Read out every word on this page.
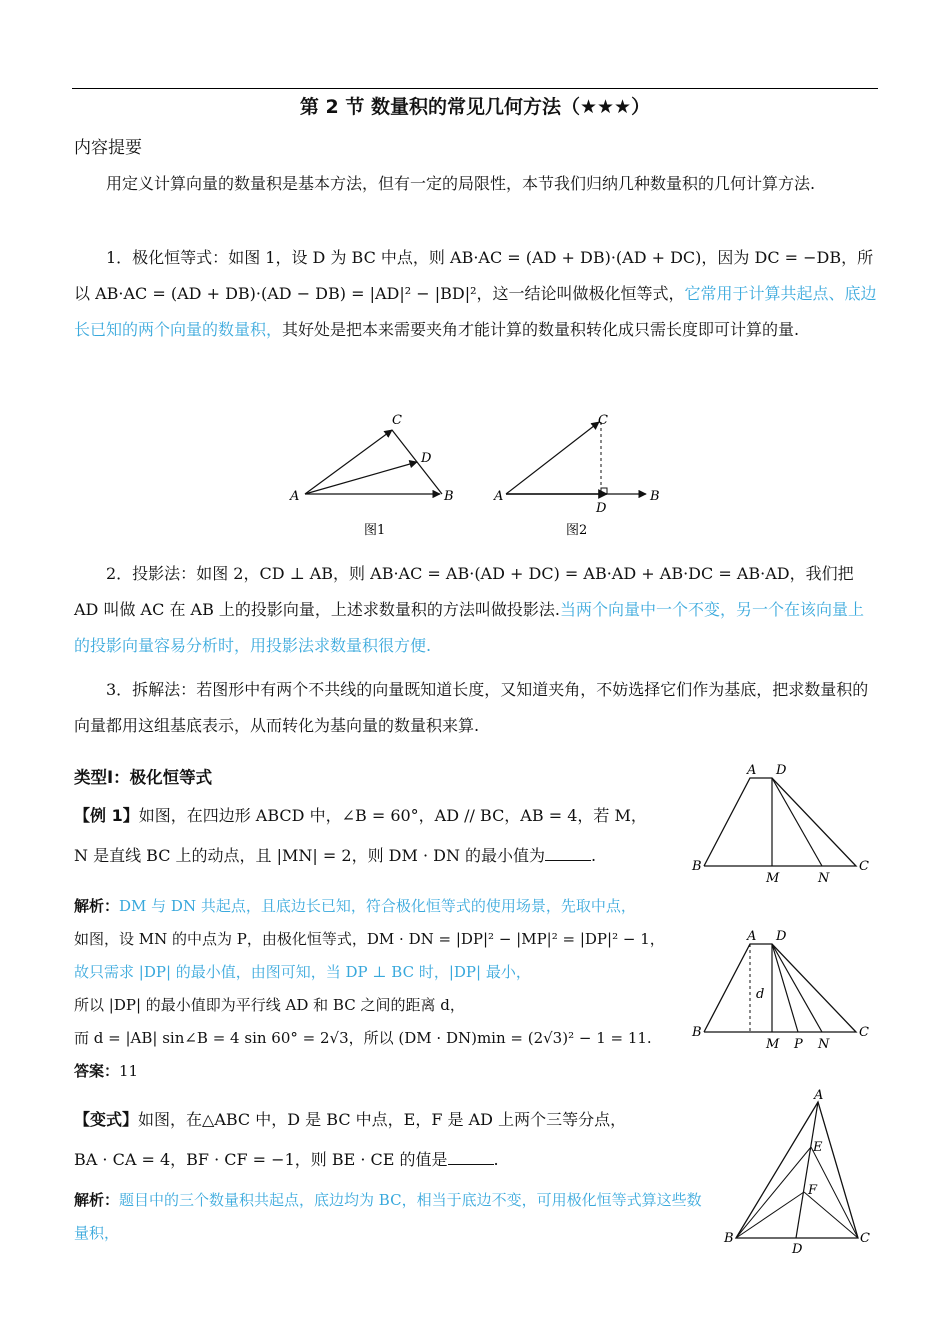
第 2 节 数量积的常见几何方法（★★★）
内容提要

用定义计算向量的数量积是基本方法，但有一定的局限性，本节我们归纳几种数量积的几何计算方法.

1．极化恒等式：如图 1，设 D 为 BC 中点，则 AB·AC = (AD + DB)·(AD + DC)，因为 DC = −DB，所以 AB·AC = (AD + DB)·(AD − DB) = |AD|² − |BD|²，这一结论叫做极化恒等式，它常用于计算共起点、底边长已知的两个向量的数量积，其好处是把本来需要夹角才能计算的数量积转化成只需长度即可计算的量.

A	B
C
D
图1
A	B
C
D
图2

2．投影法：如图 2，CD ⊥ AB，则 AB·AC = AB·(AD + DC) = AB·AD + AB·DC = AB·AD，我们把 AD 叫做 AC 在 AB 上的投影向量，上述求数量积的方法叫做投影法.当两个向量中一个不变，另一个在该向量上的投影向量容易分析时，用投影法求数量积很方便.

3．拆解法：若图形中有两个不共线的向量既知道长度，又知道夹角，不妨选择它们作为基底，把求数量积的向量都用这组基底表示，从而转化为基向量的数量积来算.

类型Ⅰ：极化恒等式
【例 1】如图，在四边形 ABCD 中，∠B = 60°，AD // BC，AB = 4，若 M，
N 是直线 BC 上的动点，且 |MN| = 2，则 DM · DN 的最小值为	.
A D
B
M	N
C
解析：DM 与 DN 共起点，且底边长已知，符合极化恒等式的使用场景，先取中点，
如图，设 MN 的中点为 P，由极化恒等式，DM · DN = |DP|² − |MP|² = |DP|² − 1，
故只需求 |DP| 的最小值，由图可知，当 DP ⊥ BC 时，|DP| 最小，
所以 |DP| 的最小值即为平行线 AD 和 BC 之间的距离 d，
而 d = |AB| sin∠B = 4 sin 60° = 2√3，所以 (DM · DN)min = (2√3)² − 1 = 11.
答案：11
A D
d
B
M P N
C
【变式】如图，在△ABC 中，D 是 BC 中点，E，F 是 AD 上两个三等分点，
BA · CA = 4，BF · CF = −1，则 BE · CE 的值是	.
解析：题目中的三个数量积共起点，底边均为 BC，相当于底边不变，可用极化恒等式算这些数量积，
A
E
F
B
D
C
